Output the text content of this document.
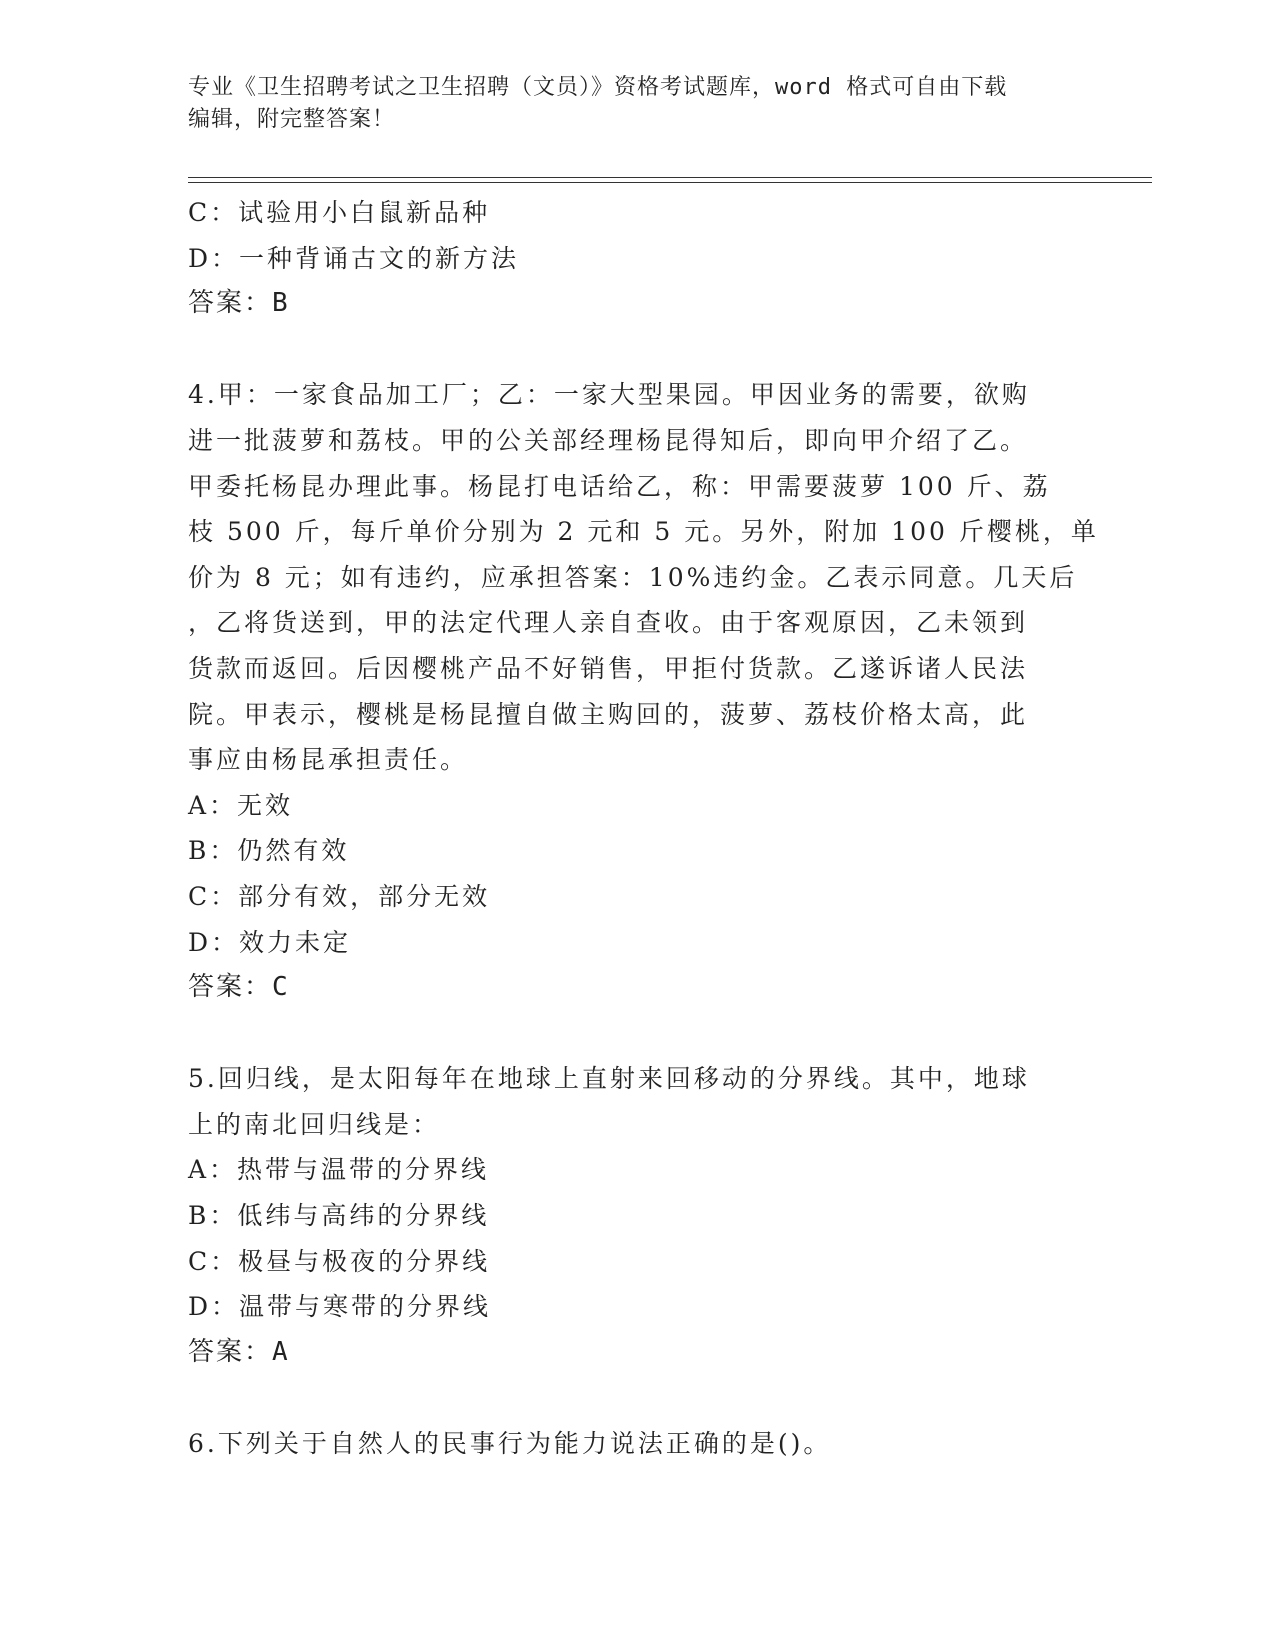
专业《卫生招聘考试之卫生招聘（文员）》资格考试题库，word 格式可自由下载
编辑，附完整答案！
C：试验用小白鼠新品种
D：一种背诵古文的新方法
答案：B
4.甲：一家食品加工厂；乙：一家大型果园。甲因业务的需要，欲购
进一批菠萝和荔枝。甲的公关部经理杨昆得知后，即向甲介绍了乙。
甲委托杨昆办理此事。杨昆打电话给乙，称：甲需要菠萝 100 斤、荔
枝 500 斤，每斤单价分别为 2 元和 5 元。另外，附加 100 斤樱桃，单
价为 8 元；如有违约，应承担答案：10%违约金。乙表示同意。几天后
，乙将货送到，甲的法定代理人亲自查收。由于客观原因，乙未领到
货款而返回。后因樱桃产品不好销售，甲拒付货款。乙遂诉诸人民法
院。甲表示，樱桃是杨昆擅自做主购回的，菠萝、荔枝价格太高，此
事应由杨昆承担责任。
A：无效
B：仍然有效
C：部分有效，部分无效
D：效力未定
答案：C
5.回归线，是太阳每年在地球上直射来回移动的分界线。其中，地球
上的南北回归线是：
A：热带与温带的分界线
B：低纬与高纬的分界线
C：极昼与极夜的分界线
D：温带与寒带的分界线
答案：A
6.下列关于自然人的民事行为能力说法正确的是()。
